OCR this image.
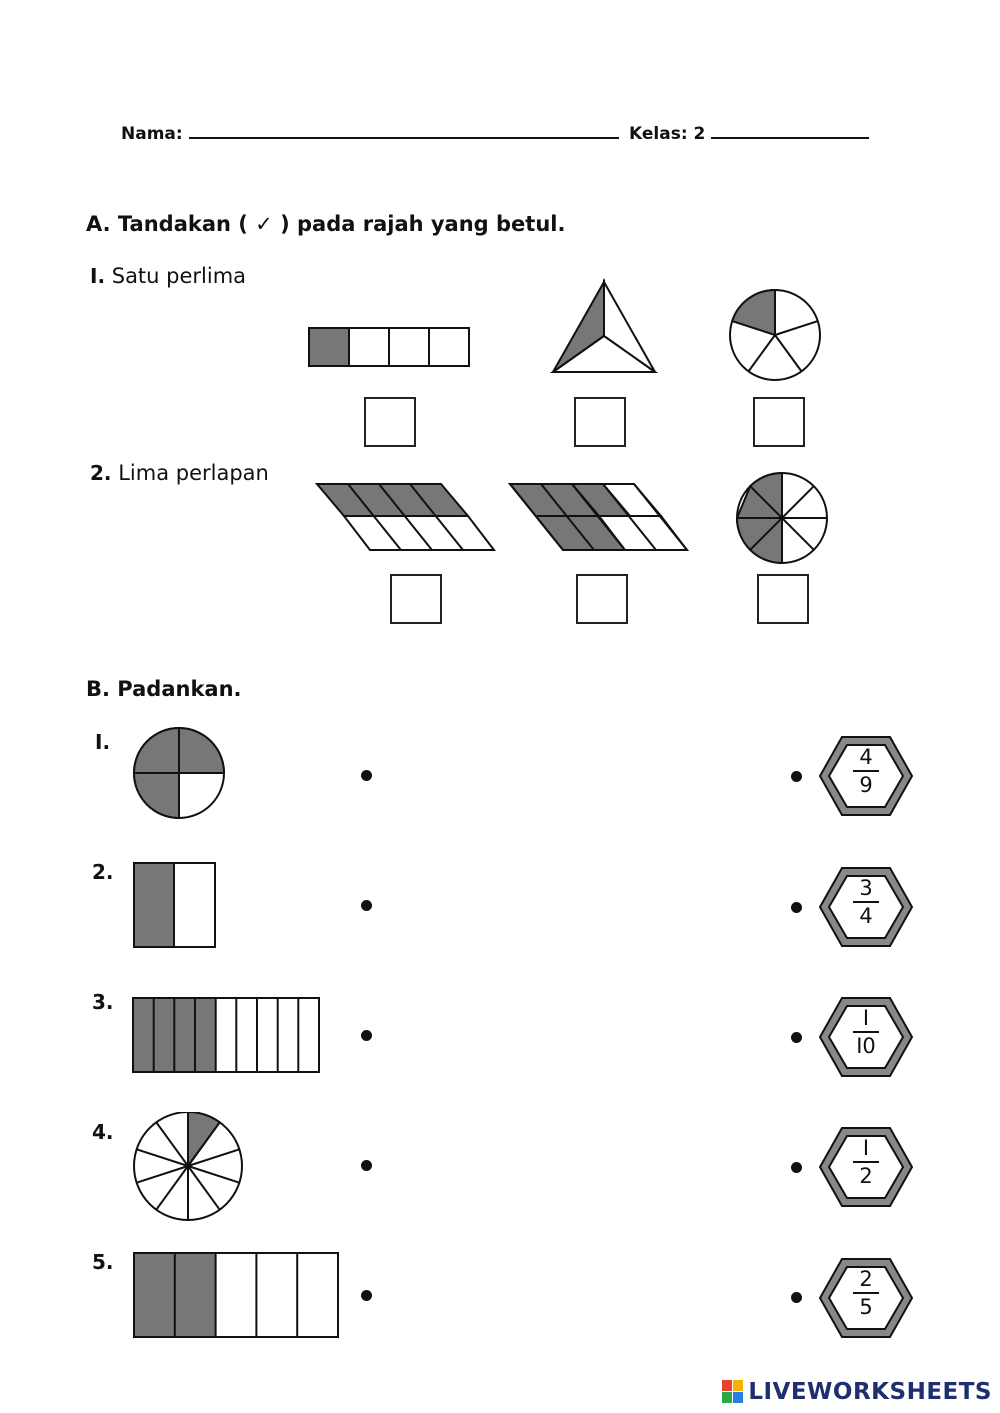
Nama:	Kelas: 2
A. Tandakan ( ✓ ) pada rajah yang betul.
I. Satu perlima
2. Lima perlapan
B. Padankan.
I.
2.
3.
4.
5.
4
9
3
4
I
I0
I
2
2
5
LIVEWORKSHEETS
